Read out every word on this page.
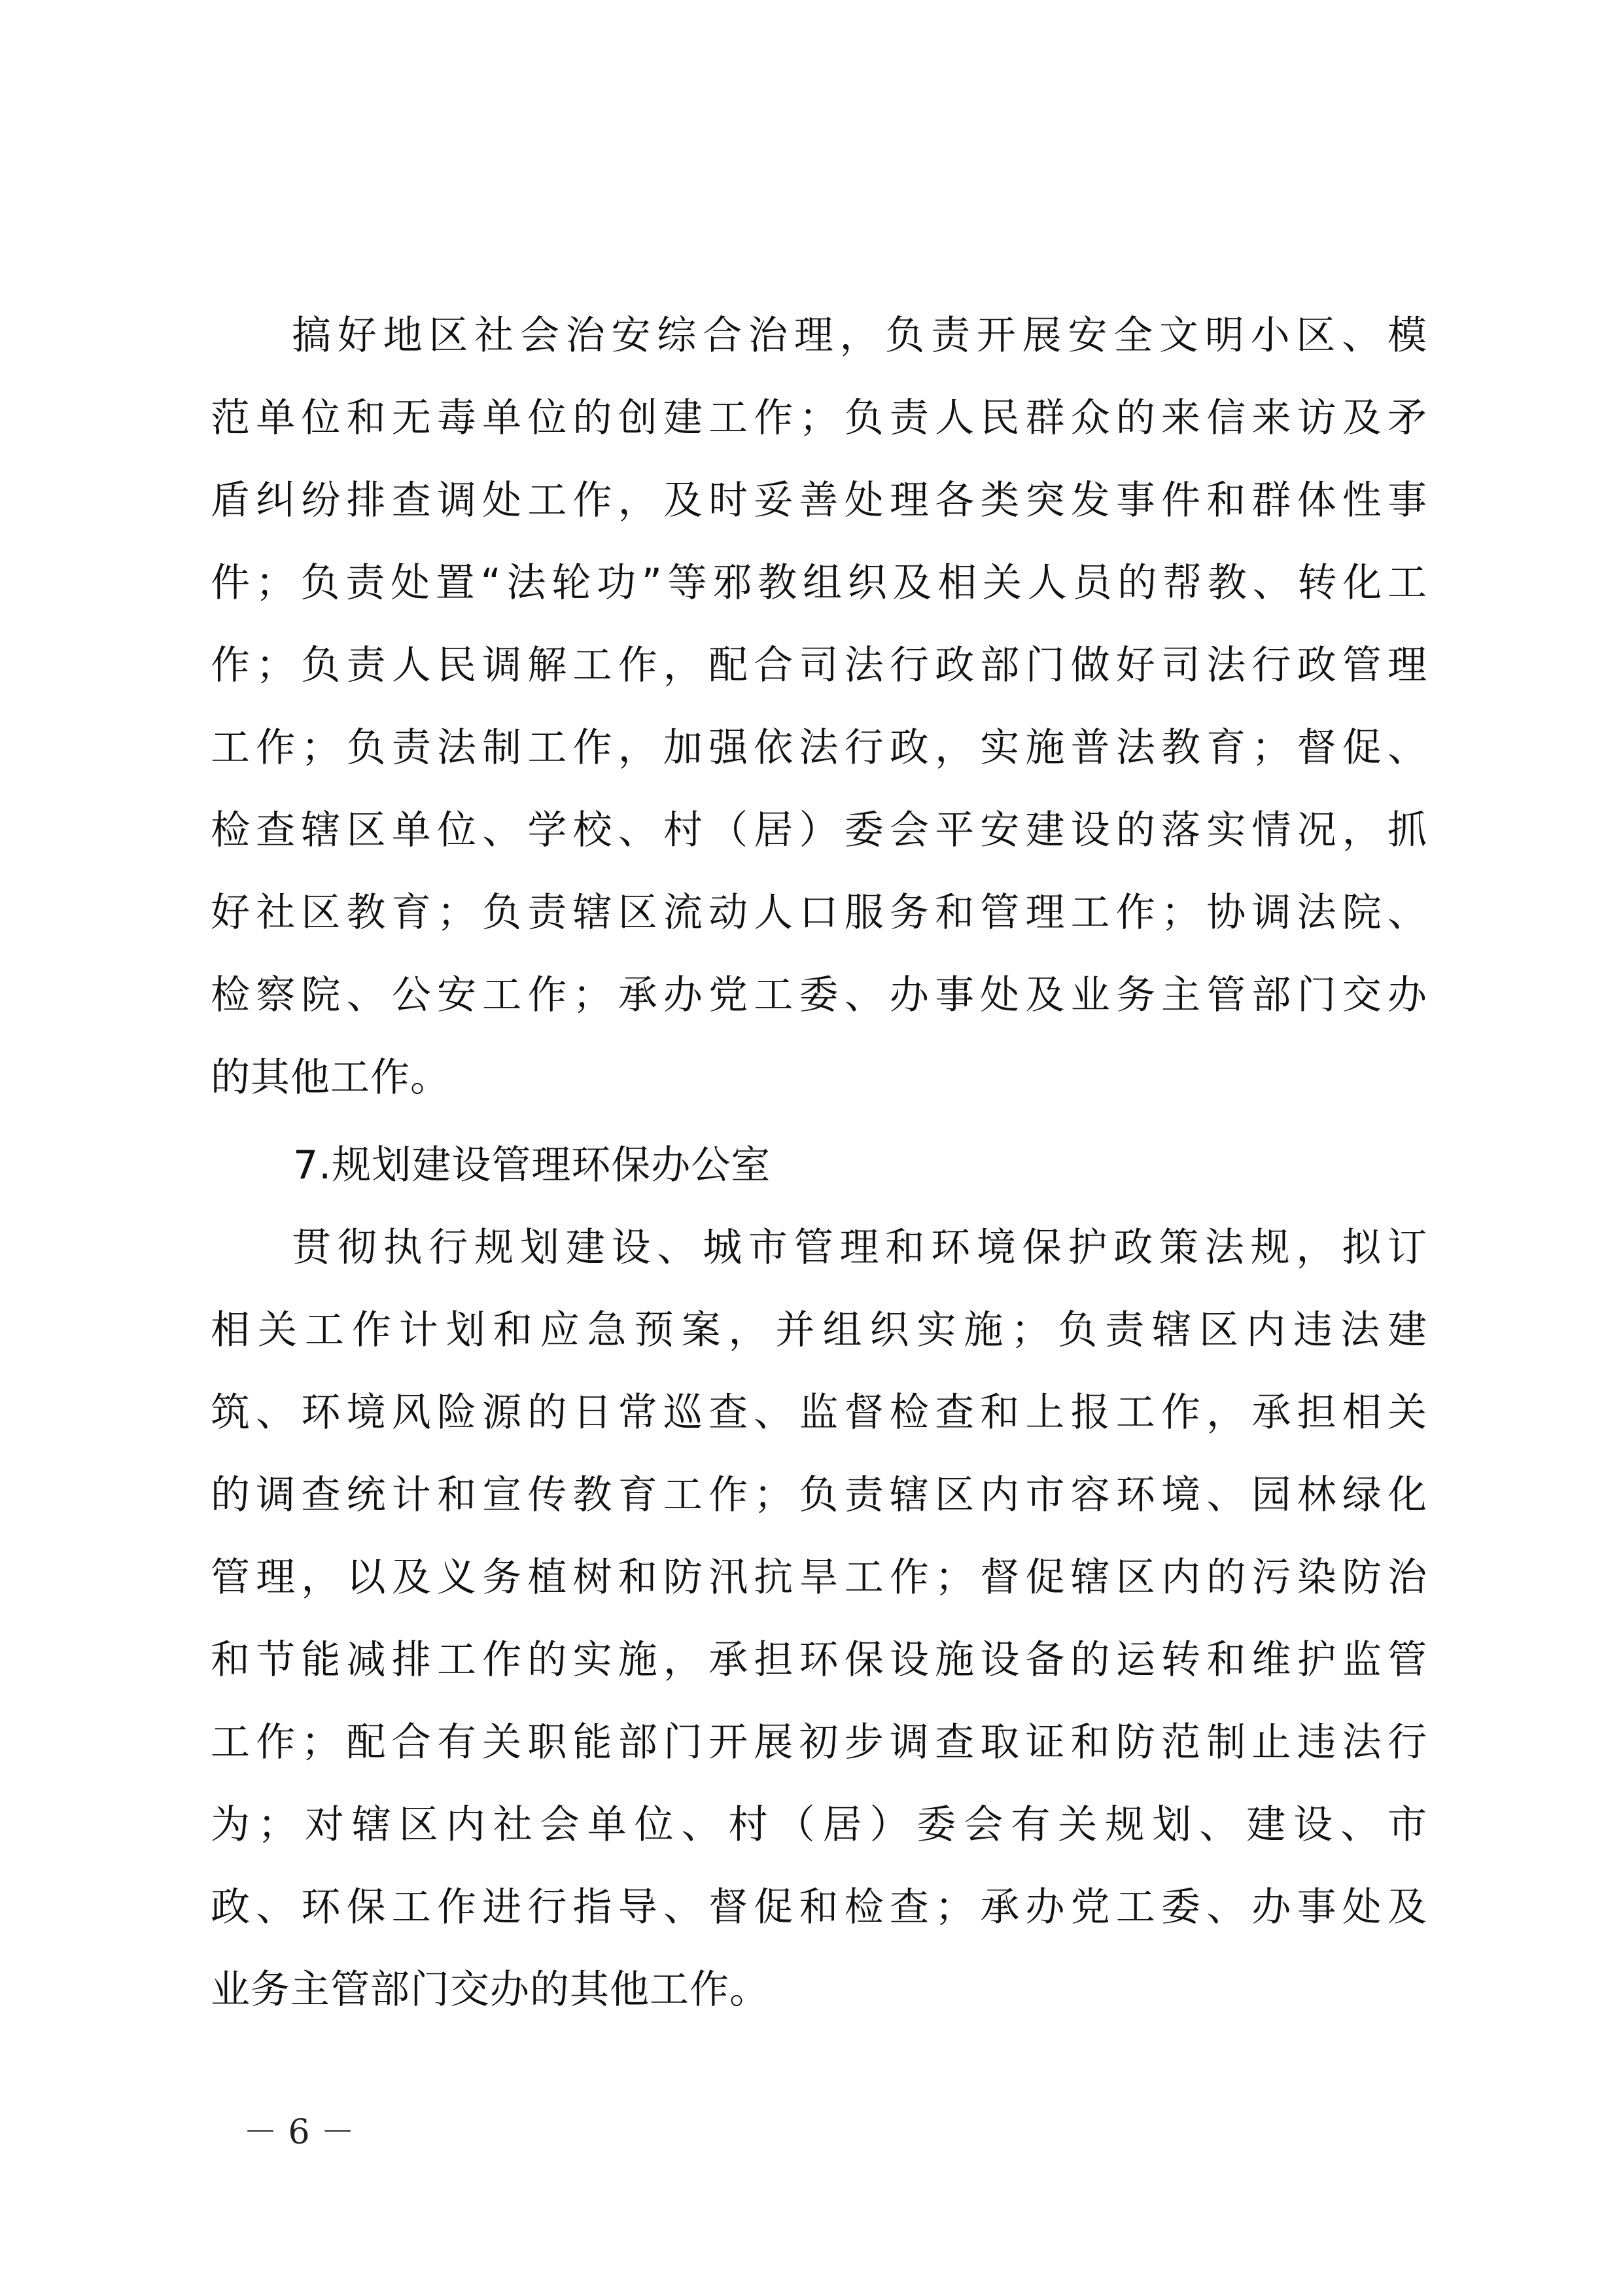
搞好地区社会治安综合治理，负责开展安全文明小区、模
范单位和无毒单位的创建工作；负责人民群众的来信来访及矛
盾纠纷排查调处工作，及时妥善处理各类突发事件和群体性事
件；负责处置“法轮功”等邪教组织及相关人员的帮教、转化工
作；负责人民调解工作，配合司法行政部门做好司法行政管理
工作；负责法制工作，加强依法行政，实施普法教育；督促、
检查辖区单位、学校、村（居）委会平安建设的落实情况，抓
好社区教育；负责辖区流动人口服务和管理工作；协调法院、
检察院、公安工作；承办党工委、办事处及业务主管部门交办
的其他工作。
7.规划建设管理环保办公室
贯彻执行规划建设、城市管理和环境保护政策法规，拟订
相关工作计划和应急预案，并组织实施；负责辖区内违法建
筑、环境风险源的日常巡查、监督检查和上报工作，承担相关
的调查统计和宣传教育工作；负责辖区内市容环境、园林绿化
管理，以及义务植树和防汛抗旱工作；督促辖区内的污染防治
和节能减排工作的实施，承担环保设施设备的运转和维护监管
工作；配合有关职能部门开展初步调查取证和防范制止违法行
为；对辖区内社会单位、村（居）委会有关规划、建设、市
政、环保工作进行指导、督促和检查；承办党工委、办事处及
业务主管部门交办的其他工作。
－ 6 －
